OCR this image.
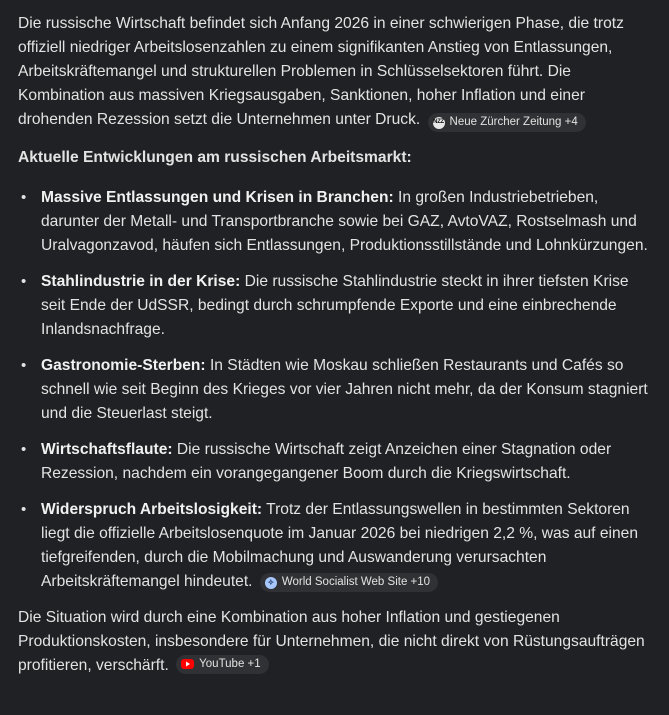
Die russische Wirtschaft befindet sich Anfang 2026 in einer schwierigen Phase, die trotz offiziell niedriger Arbeitslosenzahlen zu einem signifikanten Anstieg von Entlassungen, Arbeitskräftemangel und strukturellen Problemen in Schlüsselsektoren führt. Die Kombination aus massiven Kriegsausgaben, Sanktionen, hoher Inflation und einer drohenden Rezession setzt die Unternehmen unter Druck. NZZ Neue Zürcher Zeitung +4

Aktuelle Entwicklungen am russischen Arbeitsmarkt:
• Massive Entlassungen und Krisen in Branchen: In großen Industriebetrieben, darunter der Metall- und Transportbranche sowie bei GAZ, AvtoVAZ, Rostselmash und Uralvagonzavod, häufen sich Entlassungen, Produktionsstillstände und Lohnkürzungen.
• Stahlindustrie in der Krise: Die russische Stahlindustrie steckt in ihrer tiefsten Krise seit Ende der UdSSR, bedingt durch schrumpfende Exporte und eine einbrechende Inlandsnachfrage.
• Gastronomie-Sterben: In Städten wie Moskau schließen Restaurants und Cafés so schnell wie seit Beginn des Krieges vor vier Jahren nicht mehr, da der Konsum stagniert und die Steuerlast steigt.
• Wirtschaftsflaute: Die russische Wirtschaft zeigt Anzeichen einer Stagnation oder Rezession, nachdem ein vorangegangener Boom durch die Kriegswirtschaft.
• Widerspruch Arbeitslosigkeit: Trotz der Entlassungswellen in bestimmten Sektoren liegt die offizielle Arbeitslosenquote im Januar 2026 bei niedrigen 2,2 %, was auf einen tiefgreifenden, durch die Mobilmachung und Auswanderung verursachten Arbeitskräftemangel hindeutet.	✧ World Socialist Web Site +10

Die Situation wird durch eine Kombination aus hoher Inflation und gestiegenen Produktionskosten, insbesondere für Unternehmen, die nicht direkt von Rüstungsaufträgen profitieren, verschärft.	YouTube +1
